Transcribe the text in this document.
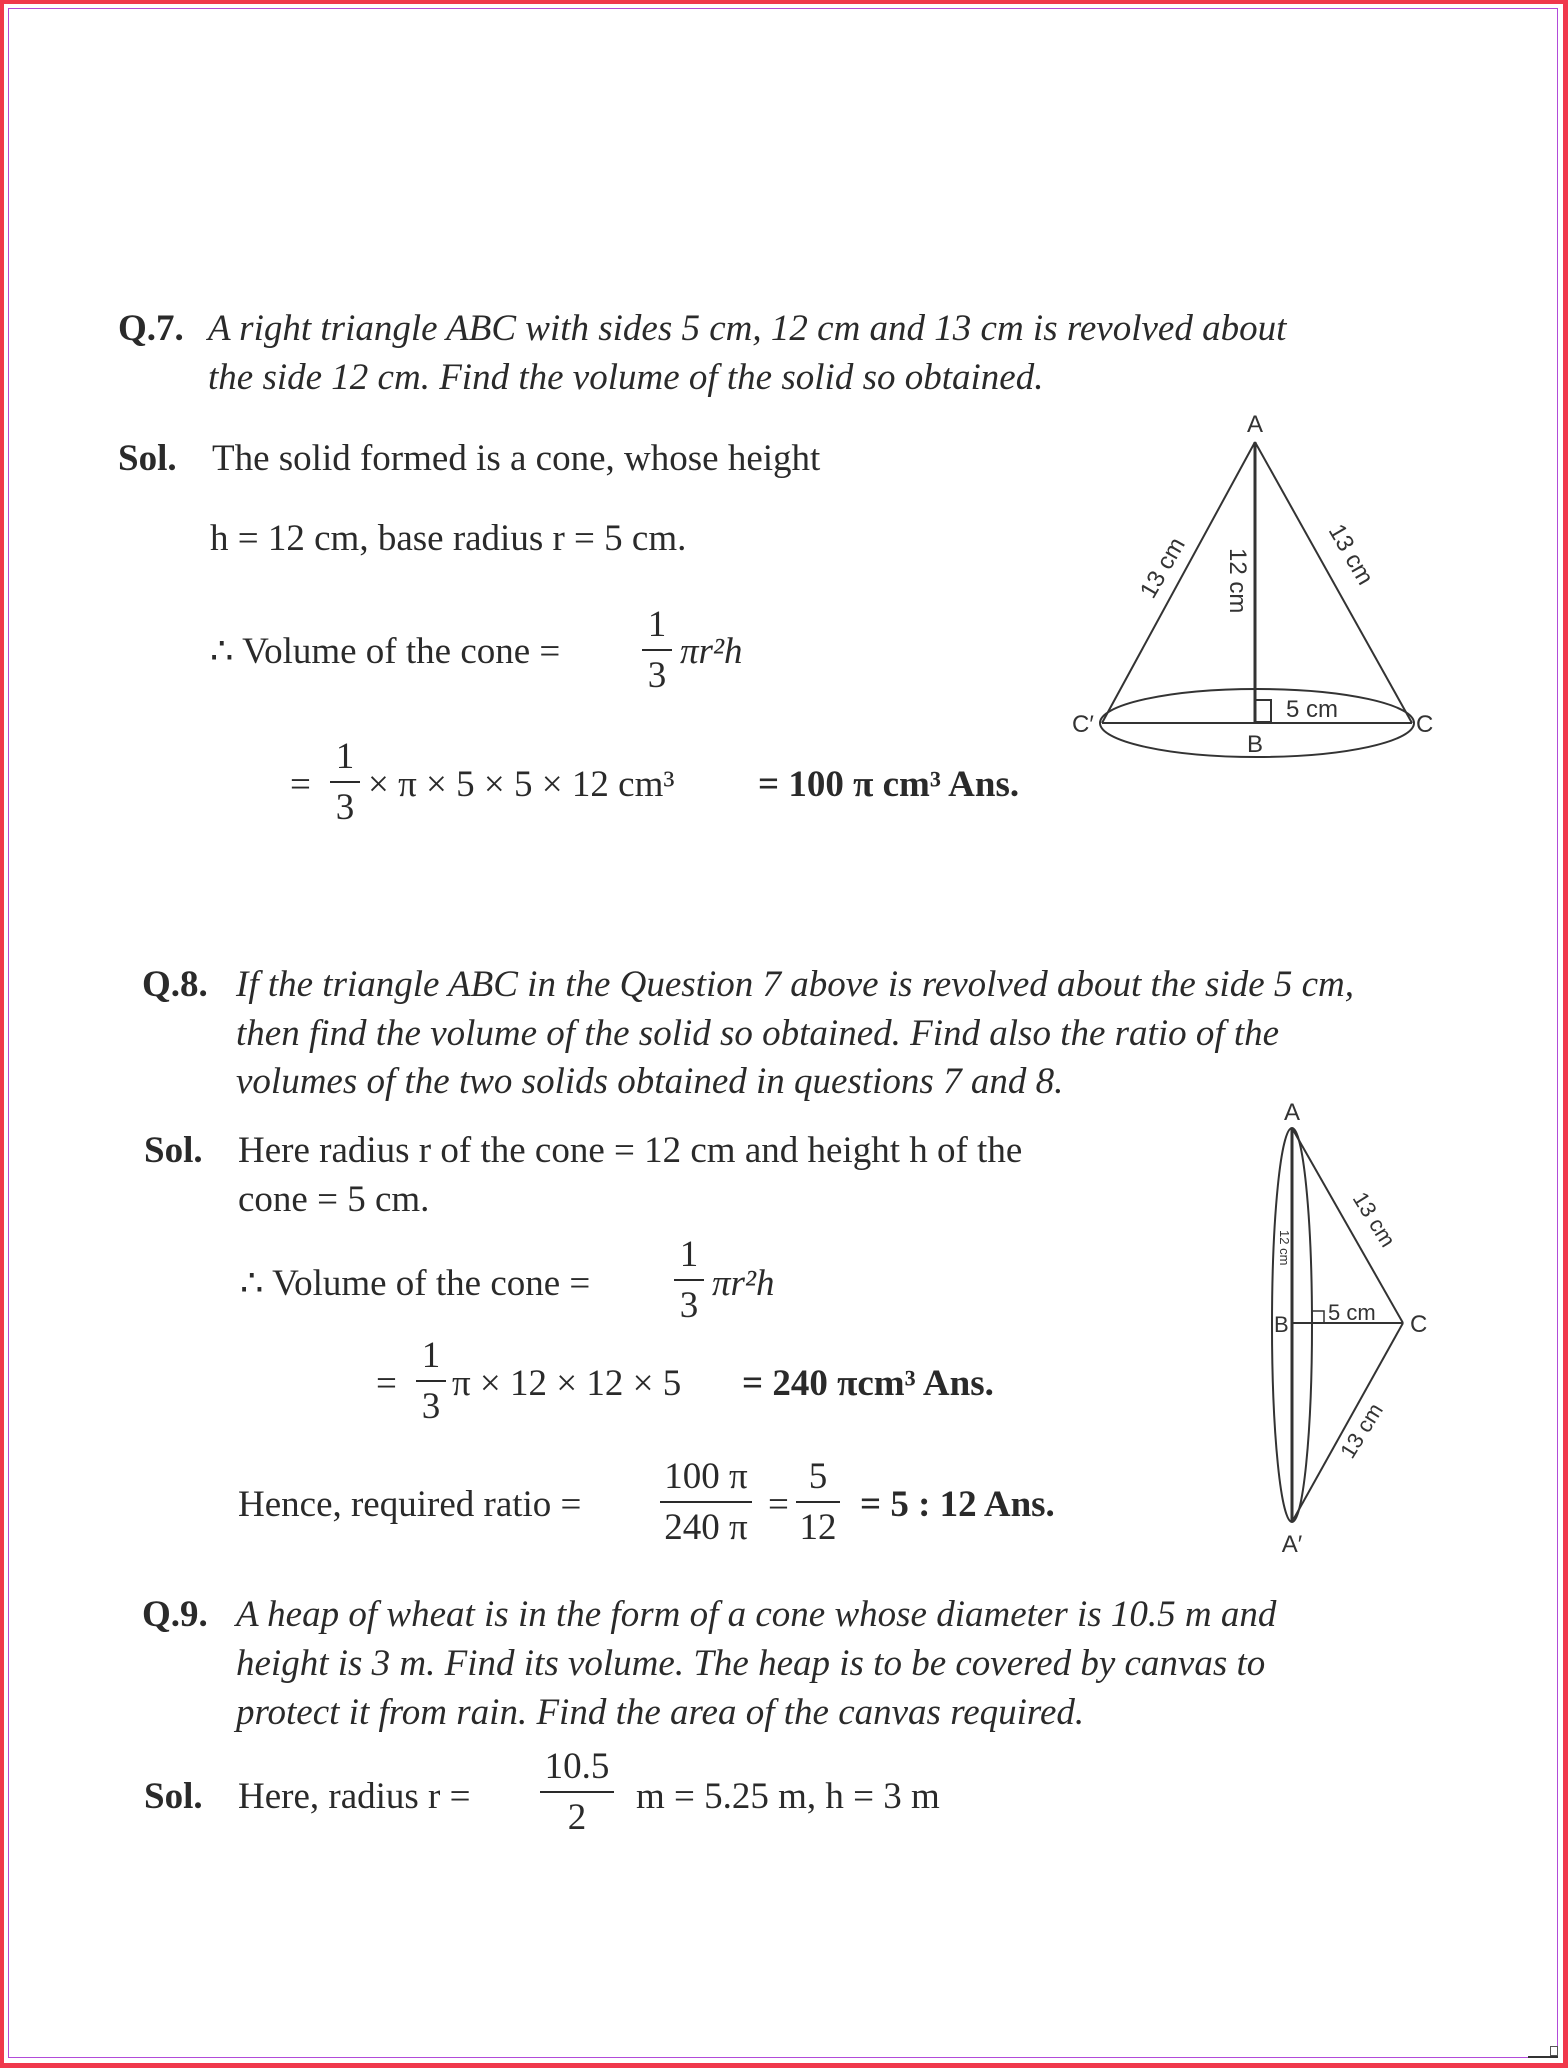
Q.7. A right triangle ABC with sides 5 cm, 12 cm and 13 cm is revolved about
the side 12 cm. Find the volume of the solid so obtained.
Sol. The solid formed is a cone, whose height
h = 12 cm, base radius r = 5 cm.
∴ Volume of the cone =
1
3
πr²h
=
1
3
× π × 5 × 5 × 12 cm³ = 100 π cm³ Ans.
A
B
C
C′
5 cm
12 cm
13 cm	13 cm
Q.8. If the triangle ABC in the Question 7 above is revolved about the side 5 cm,
then find the volume of the solid so obtained. Find also the ratio of the
volumes of the two solids obtained in questions 7 and 8.
Sol. Here radius r of the cone = 12 cm and height h of the
cone = 5 cm.
∴ Volume of the cone =
1
3
πr²h
=
1
3
π × 12 × 12 × 5 = 240 πcm³ Ans.
Hence, required ratio =
100 π
240 π
=
5
12
= 5 : 12 Ans.
A
B	C
A′
5 cm
12 cm	13 cm
13 cm
Q.9. A heap of wheat is in the form of a cone whose diameter is 10.5 m and
height is 3 m. Find its volume. The heap is to be covered by canvas to
protect it from rain. Find the area of the canvas required.
Sol. Here, radius r =
10.5
2
m = 5.25 m, h = 3 m
